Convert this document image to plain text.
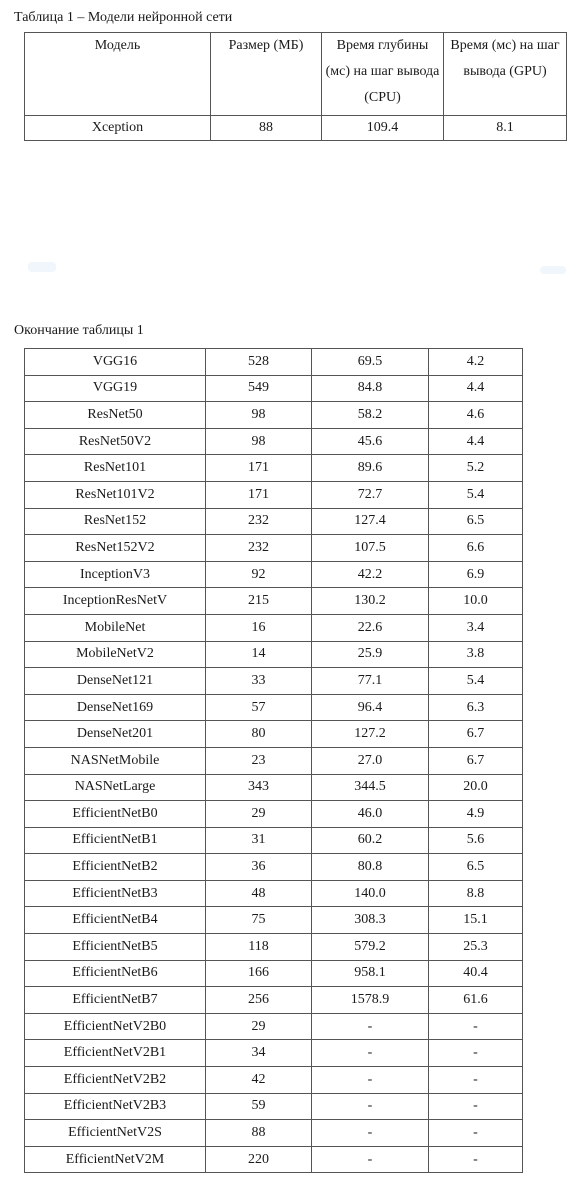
Таблица 1 – Модели нейронной сети
Модель	Размер (МБ)	Время глубины (мс) на шаг вывода (CPU)	Время (мс) на шаг вывода (GPU)
Xception	88	109.4	8.1
Окончание таблицы 1
VGG16	528	69.5	4.2
VGG19	549	84.8	4.4
ResNet50	98	58.2	4.6
ResNet50V2	98	45.6	4.4
ResNet101	171	89.6	5.2
ResNet101V2	171	72.7	5.4
ResNet152	232	127.4	6.5
ResNet152V2	232	107.5	6.6
InceptionV3	92	42.2	6.9
InceptionResNetV	215	130.2	10.0
MobileNet	16	22.6	3.4
MobileNetV2	14	25.9	3.8
DenseNet121	33	77.1	5.4
DenseNet169	57	96.4	6.3
DenseNet201	80	127.2	6.7
NASNetMobile	23	27.0	6.7
NASNetLarge	343	344.5	20.0
EfficientNetB0	29	46.0	4.9
EfficientNetB1	31	60.2	5.6
EfficientNetB2	36	80.8	6.5
EfficientNetB3	48	140.0	8.8
EfficientNetB4	75	308.3	15.1
EfficientNetB5	118	579.2	25.3
EfficientNetB6	166	958.1	40.4
EfficientNetB7	256	1578.9	61.6
EfficientNetV2B0	29	-	-
EfficientNetV2B1	34	-	-
EfficientNetV2B2	42	-	-
EfficientNetV2B3	59	-	-
EfficientNetV2S	88	-	-
EfficientNetV2M	220	-	-
